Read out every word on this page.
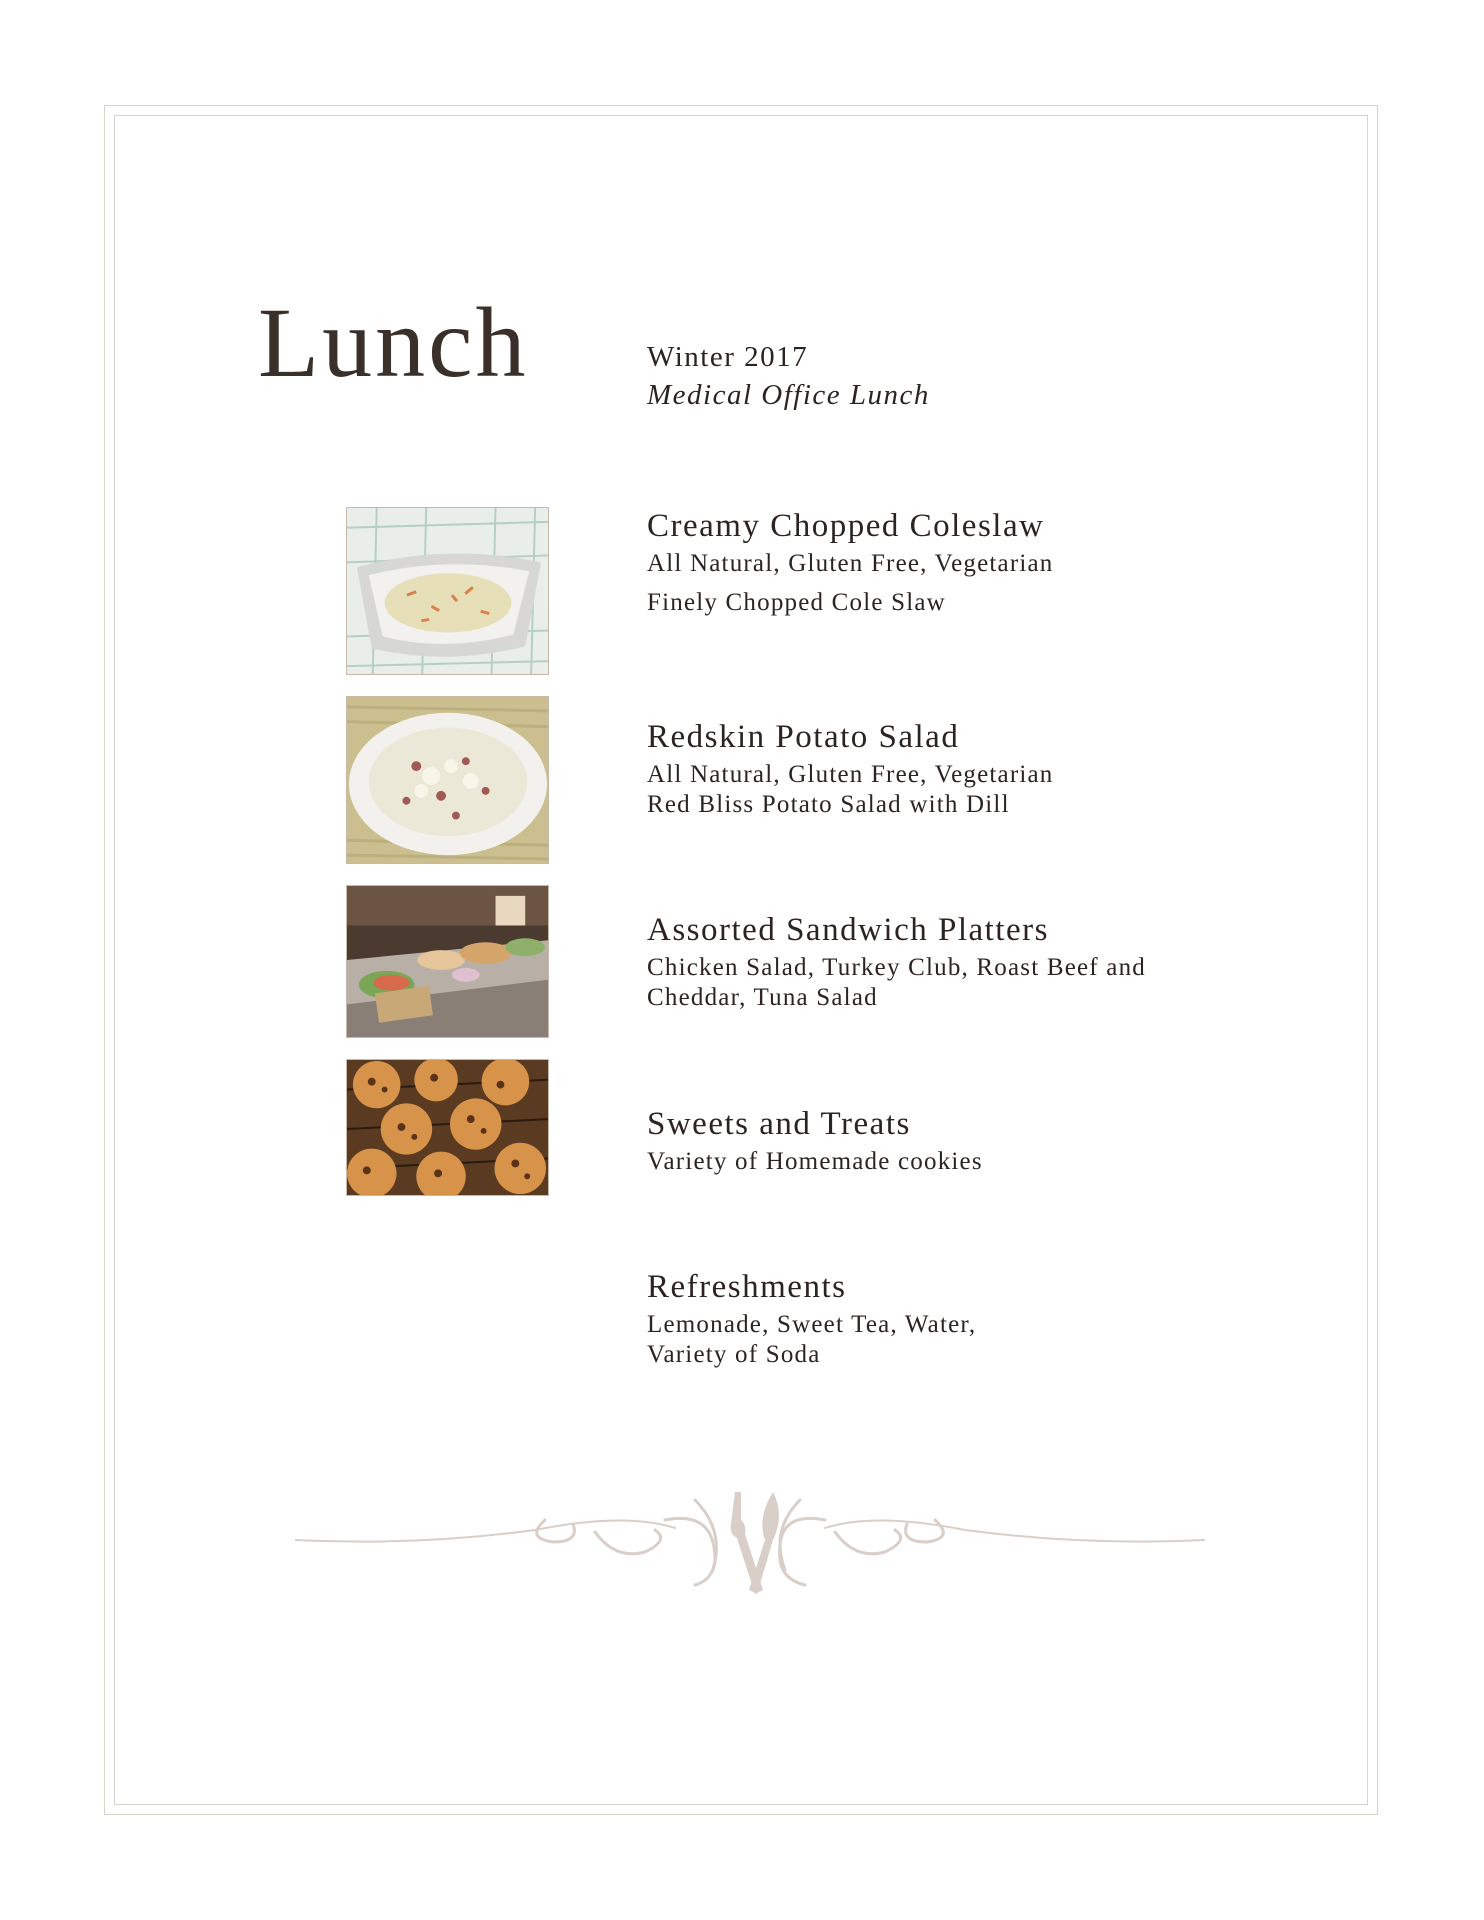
Lunch	Winter 2017
Medical Office Lunch
Creamy Chopped Coleslaw
All Natural, Gluten Free, Vegetarian
Finely Chopped Cole Slaw
Redskin Potato Salad
All Natural, Gluten Free, Vegetarian
Red Bliss Potato Salad with Dill
Assorted Sandwich Platters
Chicken Salad, Turkey Club, Roast Beef and
Cheddar, Tuna Salad
Sweets and Treats
Variety of Homemade cookies
Refreshments
Lemonade, Sweet Tea, Water,
Variety of Soda
